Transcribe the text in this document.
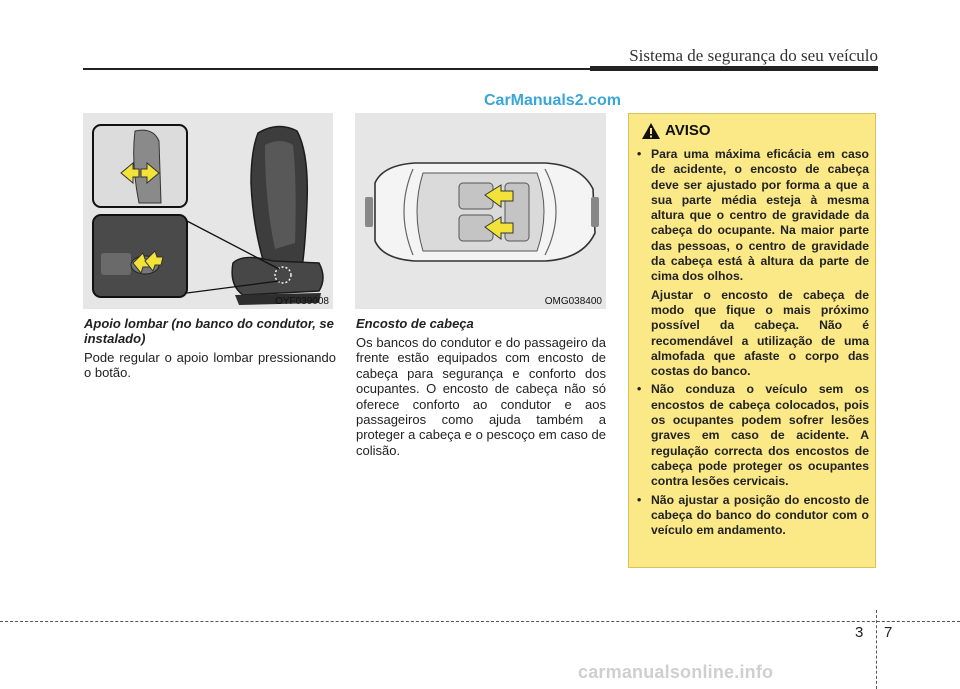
Sistema de segurança do seu veículo
CarManuals2.com
OYF039008	OMG038400
Apoio lombar (no banco do condutor, se instalado)
Pode regular o apoio lombar pressionando o botão.
Encosto de cabeça
Os bancos do condutor e do passageiro da frente estão equipados com encosto de cabeça para segurança e conforto dos ocupantes. O encosto de cabeça não só oferece conforto ao condutor e aos passageiros como ajuda também a proteger a cabeça e o pescoço em caso de colisão.
AVISO
• Para uma máxima eficácia em caso de acidente, o encosto de cabeça deve ser ajustado por forma a que a sua parte média esteja à mesma altura que o centro de gravidade da cabeça do ocupante. Na maior parte das pessoas, o centro de gravidade da cabeça está à altura da parte de cima dos olhos.

Ajustar o encosto de cabeça de modo que fique o mais próximo possível da cabeça. Não é recomendável a utilização de uma almofada que afaste o corpo das costas do banco.

• Não conduza o veículo sem os encostos de cabeça colocados, pois os ocupantes podem sofrer lesões graves em caso de acidente. A regulação correcta dos encostos de cabeça pode proteger os ocupantes contra lesões cervicais.

• Não ajustar a posição do encosto de cabeça do banco do condutor com o veículo em andamento.

3 7
carmanualsonline.info
